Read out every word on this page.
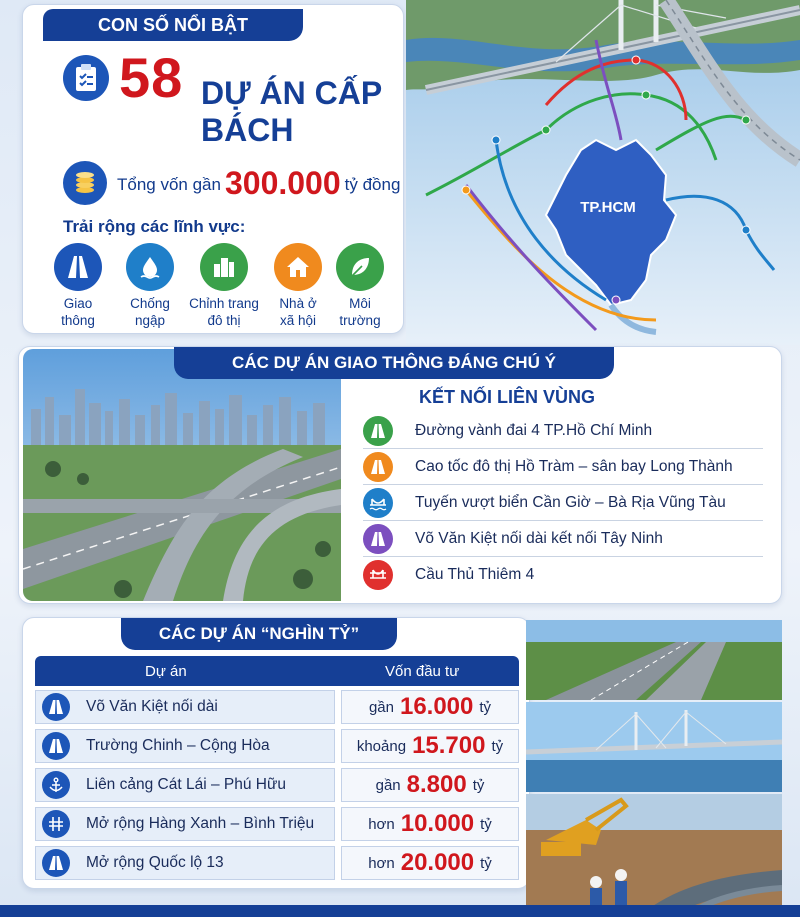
CON SỐ NỔI BẬT
58 DỰ ÁN CẤP BÁCH
Tổng vốn gần 300.000 tỷ đồng
Trải rộng các lĩnh vực:
Giao
thông
Chống
ngập
Chỉnh trang
đô thị
Nhà ở
xã hội
Môi
trường
TP.HCM
CÁC DỰ ÁN GIAO THÔNG ĐÁNG CHÚ Ý
KẾT NỐI LIÊN VÙNG
Đường vành đai 4 TP.Hồ Chí Minh
Cao tốc đô thị Hồ Tràm – sân bay Long Thành
Tuyến vượt biển Cần Giờ – Bà Rịa Vũng Tàu
Võ Văn Kiệt nối dài kết nối Tây Ninh
Cầu Thủ Thiêm 4
CÁC DỰ ÁN “NGHÌN TỶ”
Dự án	Vốn đầu tư
Võ Văn Kiệt nối dài	gần 16.000 tỷ
Trường Chinh – Cộng Hòa	khoảng 15.700 tỷ
Liên cảng Cát Lái – Phú Hữu	gần 8.800 tỷ
Mở rộng Hàng Xanh – Bình Triệu	hơn 10.000 tỷ
Mở rộng Quốc lộ 13	hơn 20.000 tỷ
